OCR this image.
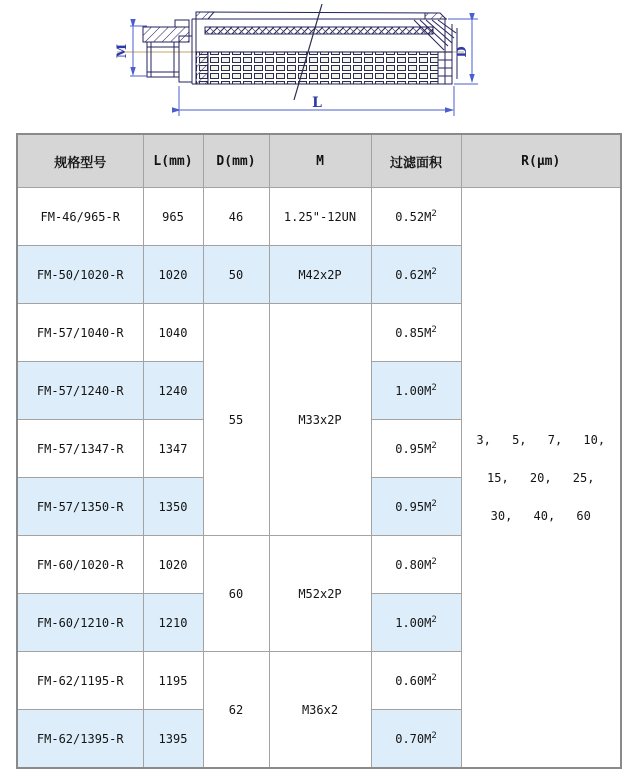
M	D
L
规格型号	L(mm)	D(mm)	M	过滤面积	R(μm)
FM-46/965-R	965	46	1.25"-12UN	$0.52M^2$	3, 5, 7, 10,
15, 20, 25,
30, 40, 60

FM-50/1020-R	1020	50	M42x2P	$0.62M^2$
FM-57/1040-R	1040	55	M33x2P	$0.85M^2$
FM-57/1240-R	1240			$1.00M^2$
FM-57/1347-R	1347			$0.95M^2$
FM-57/1350-R	1350			$0.95M^2$
FM-60/1020-R	1020	60	M52x2P	$0.80M^2$
FM-60/1210-R	1210			$1.00M^2$
FM-62/1195-R	1195	62	M36x2	$0.60M^2$
FM-62/1395-R	1395			$0.70M^2$
